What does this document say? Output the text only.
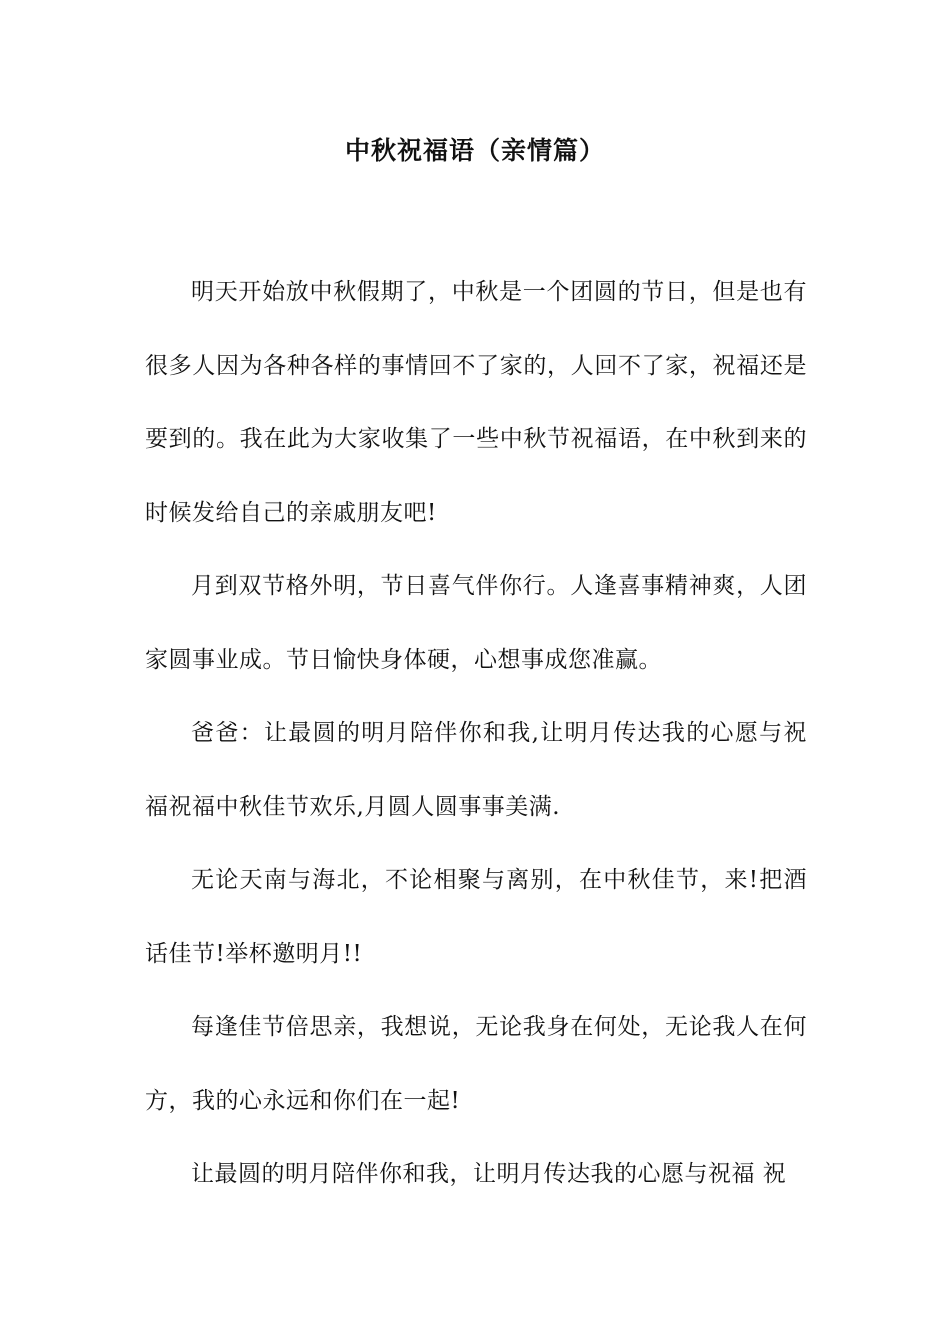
中秋祝福语（亲情篇）

明天开始放中秋假期了，中秋是一个团圆的节日，但是也有很多人因为各种各样的事情回不了家的，人回不了家，祝福还是要到的。我在此为大家收集了一些中秋节祝福语，在中秋到来的时候发给自己的亲戚朋友吧!

月到双节格外明，节日喜气伴你行。人逢喜事精神爽，人团家圆事业成。节日愉快身体硬，心想事成您准赢。

爸爸：让最圆的明月陪伴你和我,让明月传达我的心愿与祝福祝福中秋佳节欢乐,月圆人圆事事美满.

无论天南与海北，不论相聚与离别，在中秋佳节，来!把酒话佳节!举杯邀明月!!

每逢佳节倍思亲，我想说，无论我身在何处，无论我人在何方，我的心永远和你们在一起!

让最圆的明月陪伴你和我，让明月传达我的心愿与祝福 祝
